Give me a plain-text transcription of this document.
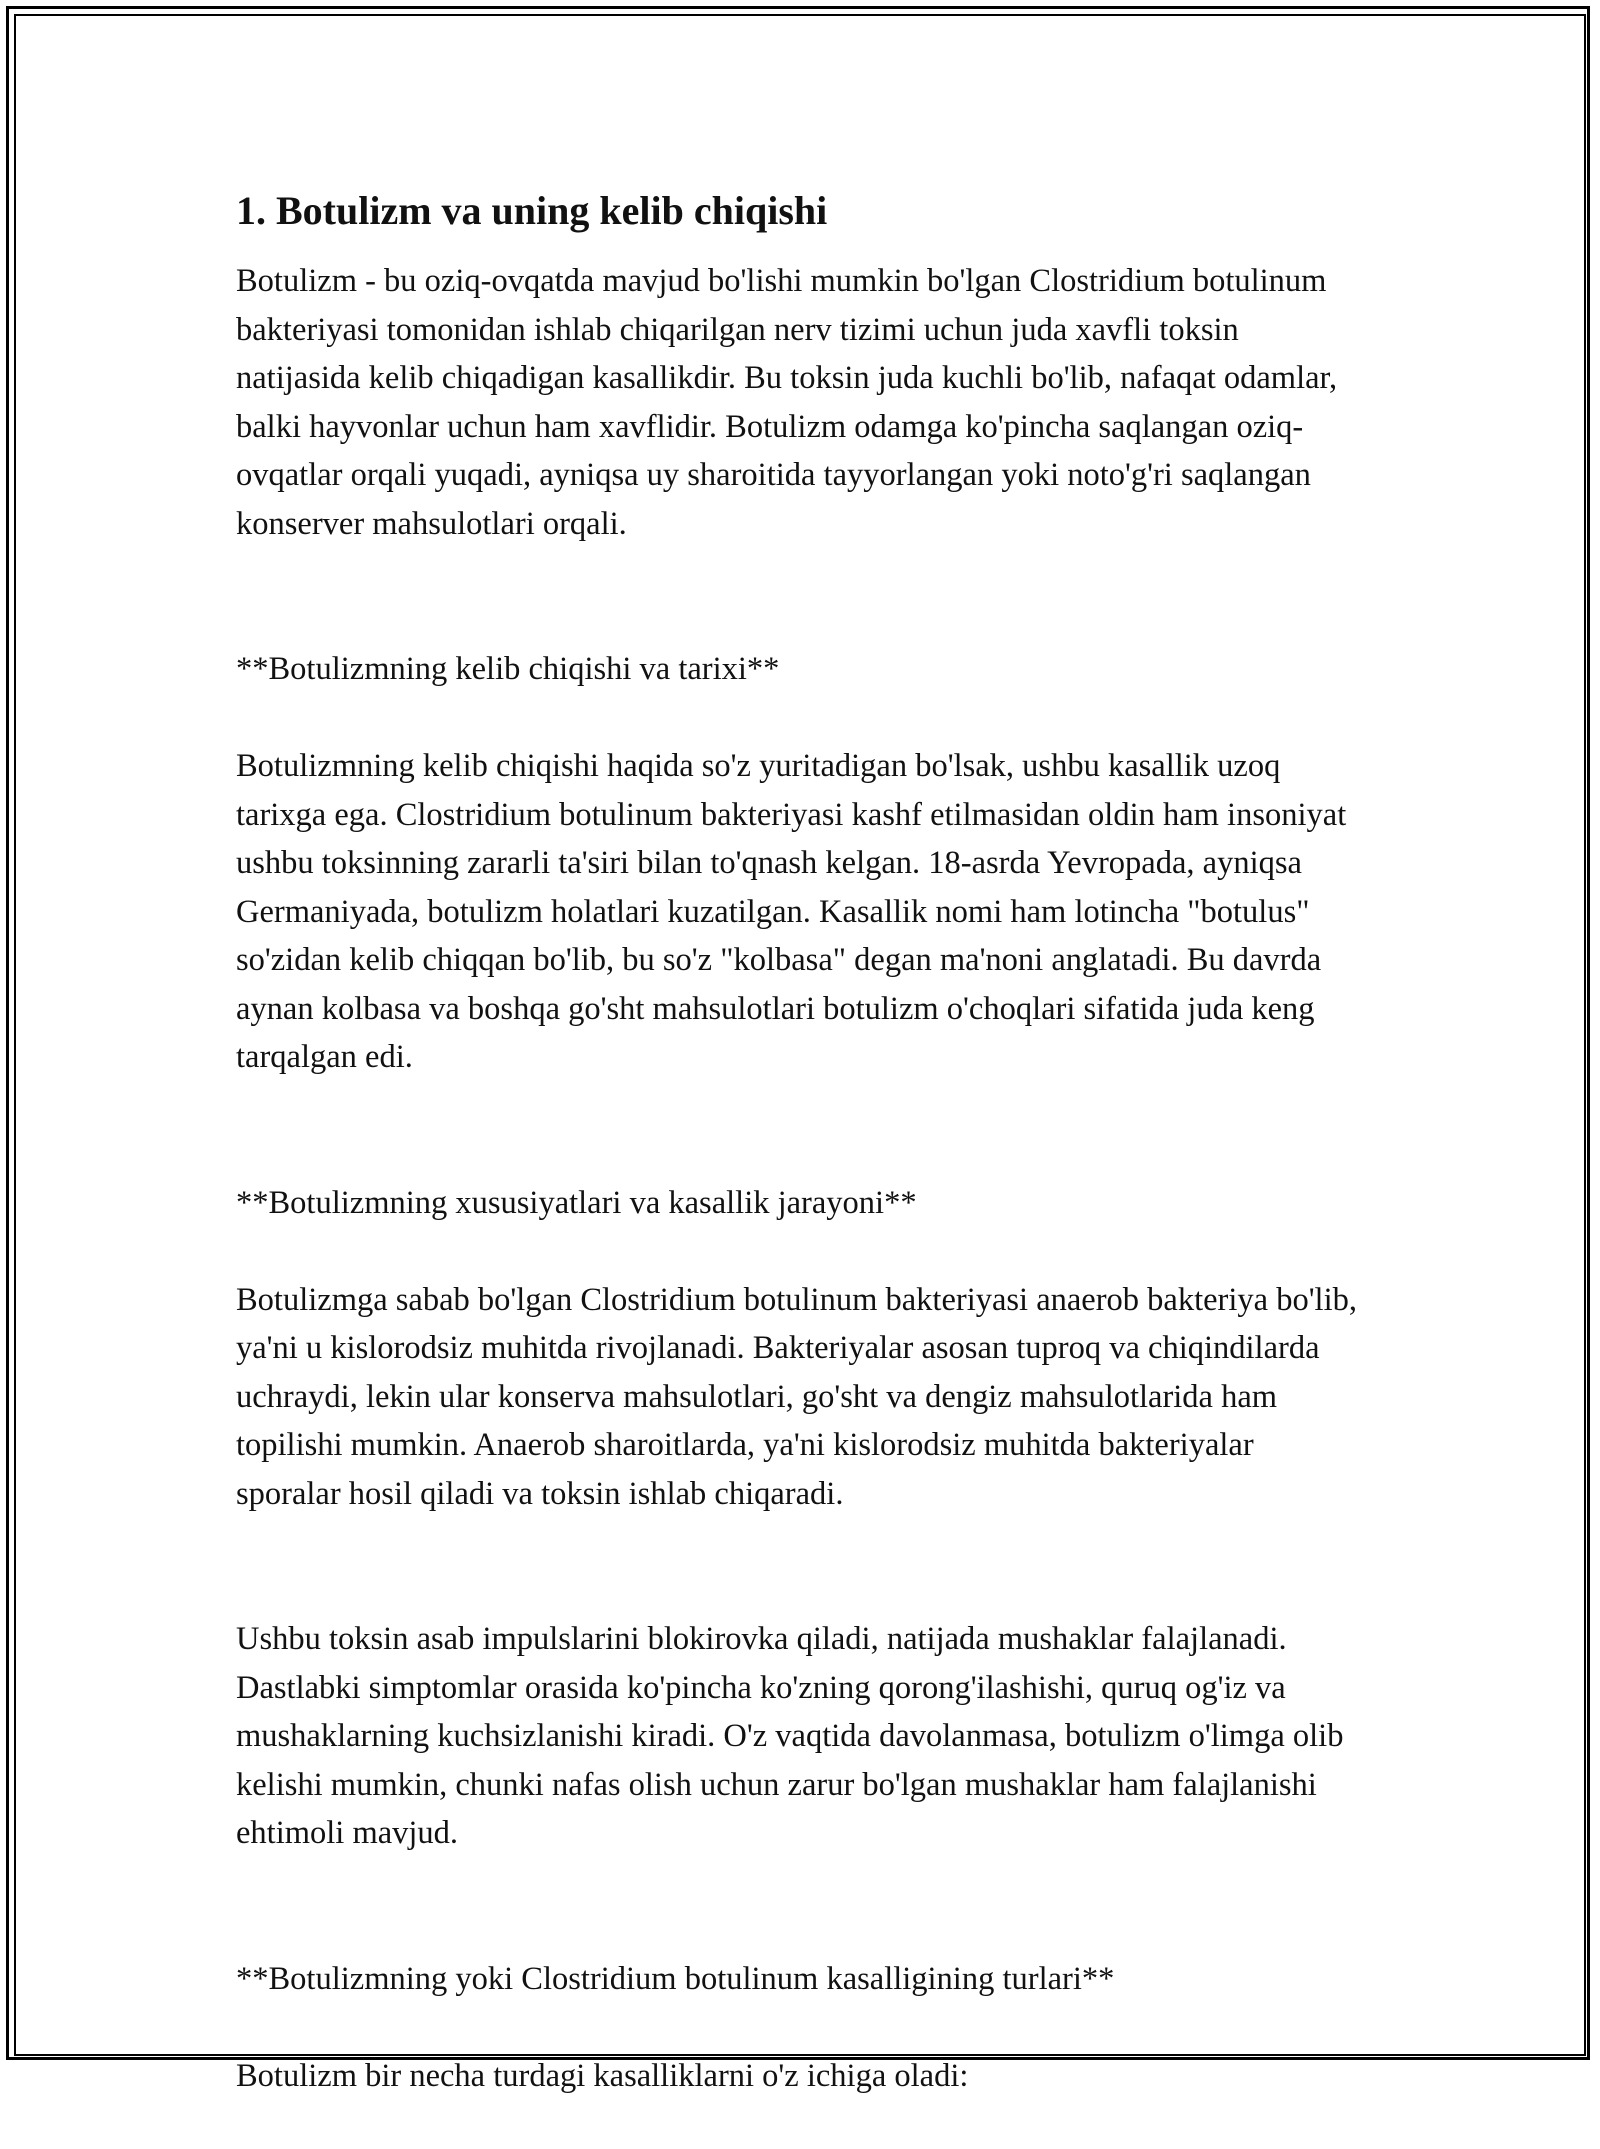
1. Botulizm va uning kelib chiqishi
Botulizm - bu oziq-ovqatda mavjud bo'lishi mumkin bo'lgan Clostridium botulinum bakteriyasi tomonidan ishlab chiqarilgan nerv tizimi uchun juda xavfli toksin natijasida kelib chiqadigan kasallikdir. Bu toksin juda kuchli bo'lib, nafaqat odamlar, balki hayvonlar uchun ham xavflidir. Botulizm odamga ko'pincha saqlangan oziq-ovqatlar orqali yuqadi, ayniqsa uy sharoitida tayyorlangan yoki noto'g'ri saqlangan konserver mahsulotlari orqali.

**Botulizmning kelib chiqishi va tarixi**

Botulizmning kelib chiqishi haqida so'z yuritadigan bo'lsak, ushbu kasallik uzoq tarixga ega. Clostridium botulinum bakteriyasi kashf etilmasidan oldin ham insoniyat ushbu toksinning zararli ta'siri bilan to'qnash kelgan. 18-asrda Yevropada, ayniqsa Germaniyada, botulizm holatlari kuzatilgan. Kasallik nomi ham lotincha "botulus" so'zidan kelib chiqqan bo'lib, bu so'z "kolbasa" degan ma'noni anglatadi. Bu davrda aynan kolbasa va boshqa go'sht mahsulotlari botulizm o'choqlari sifatida juda keng tarqalgan edi.

**Botulizmning xususiyatlari va kasallik jarayoni**

Botulizmga sabab bo'lgan Clostridium botulinum bakteriyasi anaerob bakteriya bo'lib, ya'ni u kislorodsiz muhitda rivojlanadi. Bakteriyalar asosan tuproq va chiqindilarda uchraydi, lekin ular konserva mahsulotlari, go'sht va dengiz mahsulotlarida ham topilishi mumkin. Anaerob sharoitlarda, ya'ni kislorodsiz muhitda bakteriyalar sporalar hosil qiladi va toksin ishlab chiqaradi.

Ushbu toksin asab impulslarini blokirovka qiladi, natijada mushaklar falajlanadi. Dastlabki simptomlar orasida ko'pincha ko'zning qorong'ilashishi, quruq og'iz va mushaklarning kuchsizlanishi kiradi. O'z vaqtida davolanmasa, botulizm o'limga olib kelishi mumkin, chunki nafas olish uchun zarur bo'lgan mushaklar ham falajlanishi ehtimoli mavjud.

**Botulizmning yoki Clostridium botulinum kasalligining turlari**

Botulizm bir necha turdagi kasalliklarni o'z ichiga oladi:
